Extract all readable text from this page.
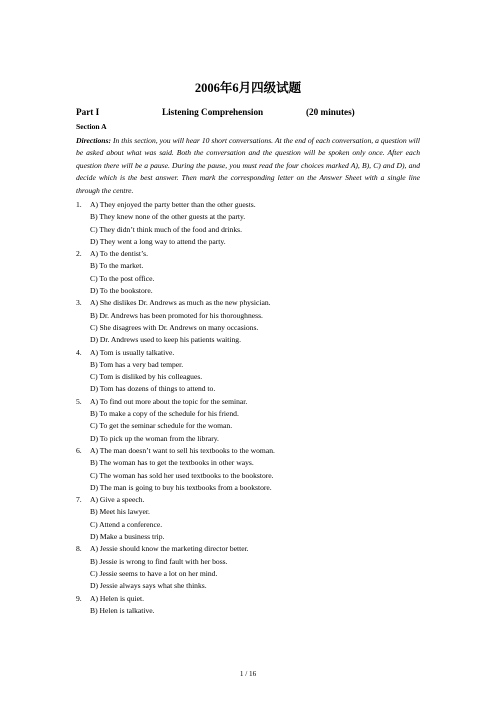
2006年6月四级试题
Part I	Listening Comprehension	(20 minutes)
Section A
Directions: In this section, you will hear 10 short conversations. At the end of each conversation, a question will be asked about what was said. Both the conversation and the question will be spoken only once. After each question there will be a pause. During the pause, you must read the four choices marked A), B), C) and D), and decide which is the best answer. Then mark the corresponding letter on the Answer Sheet with a single line through the centre.
1.	A) They enjoyed the party better than the other guests.
B) They knew none of the other guests at the party.
C) They didn’t think much of the food and drinks.
D) They went a long way to attend the party.
2.	A) To the dentist’s.
B) To the market.
C) To the post office.
D) To the bookstore.
3.	A) She dislikes Dr. Andrews as much as the new physician.
B) Dr. Andrews has been promoted for his thoroughness.
C) She disagrees with Dr. Andrews on many occasions.
D) Dr. Andrews used to keep his patients waiting.
4.	A) Tom is usually talkative.
B) Tom has a very bad temper.
C) Tom is disliked by his colleagues.
D) Tom has dozens of things to attend to.
5.	A) To find out more about the topic for the seminar.
B) To make a copy of the schedule for his friend.
C) To get the seminar schedule for the woman.
D) To pick up the woman from the library.
6.	A) The man doesn’t want to sell his textbooks to the woman.
B) The woman has to get the textbooks in other ways.
C) The woman has sold her used textbooks to the bookstore.
D) The man is going to buy his textbooks from a bookstore.
7.	A) Give a speech.
B) Meet his lawyer.
C) Attend a conference.
D) Make a business trip.
8.	A) Jessie should know the marketing director better.
B) Jessie is wrong to find fault with her boss.
C) Jessie seems to have a lot on her mind.
D) Jessie always says what she thinks.
9.	A) Helen is quiet.
B) Helen is talkative.
1 / 16
